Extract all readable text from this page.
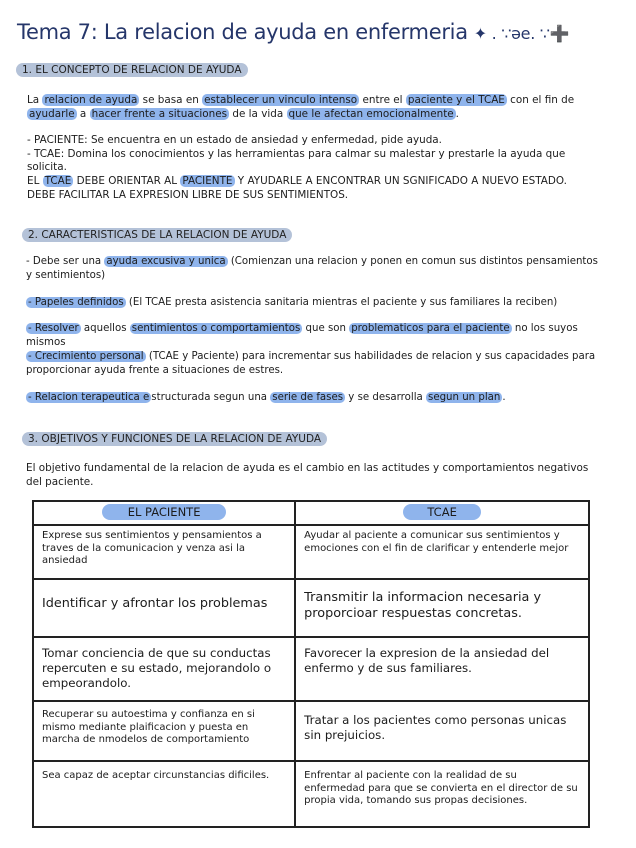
Tema 7: La relacion de ayuda en enfermeria ✦ . ∵əe. ∵➕
1. EL CONCEPTO DE RELACION DE AYUDA
La relacion de ayuda se basa en establecer un vinculo intenso entre el paciente y el TCAE con el fin de ayudarle a hacer frente a situaciones de la vida que le afectan emocionalmente .

- PACIENTE: Se encuentra en un estado de ansiedad y enfermedad, pide ayuda.

- TCAE: Domina los conocimientos y las herramientas para calmar su malestar y prestarle la ayuda que solicita.

EL TCAE DEBE ORIENTAR AL PACIENTE Y AYUDARLE A ENCONTRAR UN SGNIFICADO A NUEVO ESTADO. DEBE FACILITAR LA EXPRESION LIBRE DE SUS SENTIMIENTOS.
2. CARACTERISTICAS DE LA RELACION DE AYUDA
- Debe ser una ayuda excusiva y unica (Comienzan una relacion y ponen en comun sus distintos pensamientos y sentimientos)
- Papeles definidos (El TCAE presta asistencia sanitaria mientras el paciente y sus familiares la reciben)
- Resolver aquellos sentimientos o comportamientos que son problematicos para el paciente no los suyos mismos
- Crecimiento personal (TCAE y Paciente) para incrementar sus habilidades de relacion y sus capacidades para proporcionar ayuda frente a situaciones de estres.
- Relacion terapeutica e structurada segun una serie de fases y se desarrolla segun un plan .
3. OBJETIVOS Y FUNCIONES DE LA RELACION DE AYUDA
El objetivo fundamental de la relacion de ayuda es el cambio en las actitudes y comportamientos negativos del paciente.
EL PACIENTE	TCAE
Exprese sus sentimientos y pensamientos a traves de la comunicacion y venza asi la ansiedad	Ayudar al paciente a comunicar sus sentimientos y emociones con el fin de clarificar y entenderle mejor
Identificar y afrontar los problemas	Transmitir la informacion necesaria y proporcioar respuestas concretas.
Tomar conciencia de que su conductas repercuten e su estado, mejorandolo o empeorandolo.	Favorecer la expresion de la ansiedad del enfermo y de sus familiares.
Recuperar su autoestima y confianza en si mismo mediante plaificacion y puesta en marcha de nmodelos de comportamiento	Tratar a los pacientes como personas unicas sin prejuicios.
Sea capaz de aceptar circunstancias dificiles.	Enfrentar al paciente con la realidad de su enfermedad para que se convierta en el director de su propia vida, tomando sus propas decisiones.
